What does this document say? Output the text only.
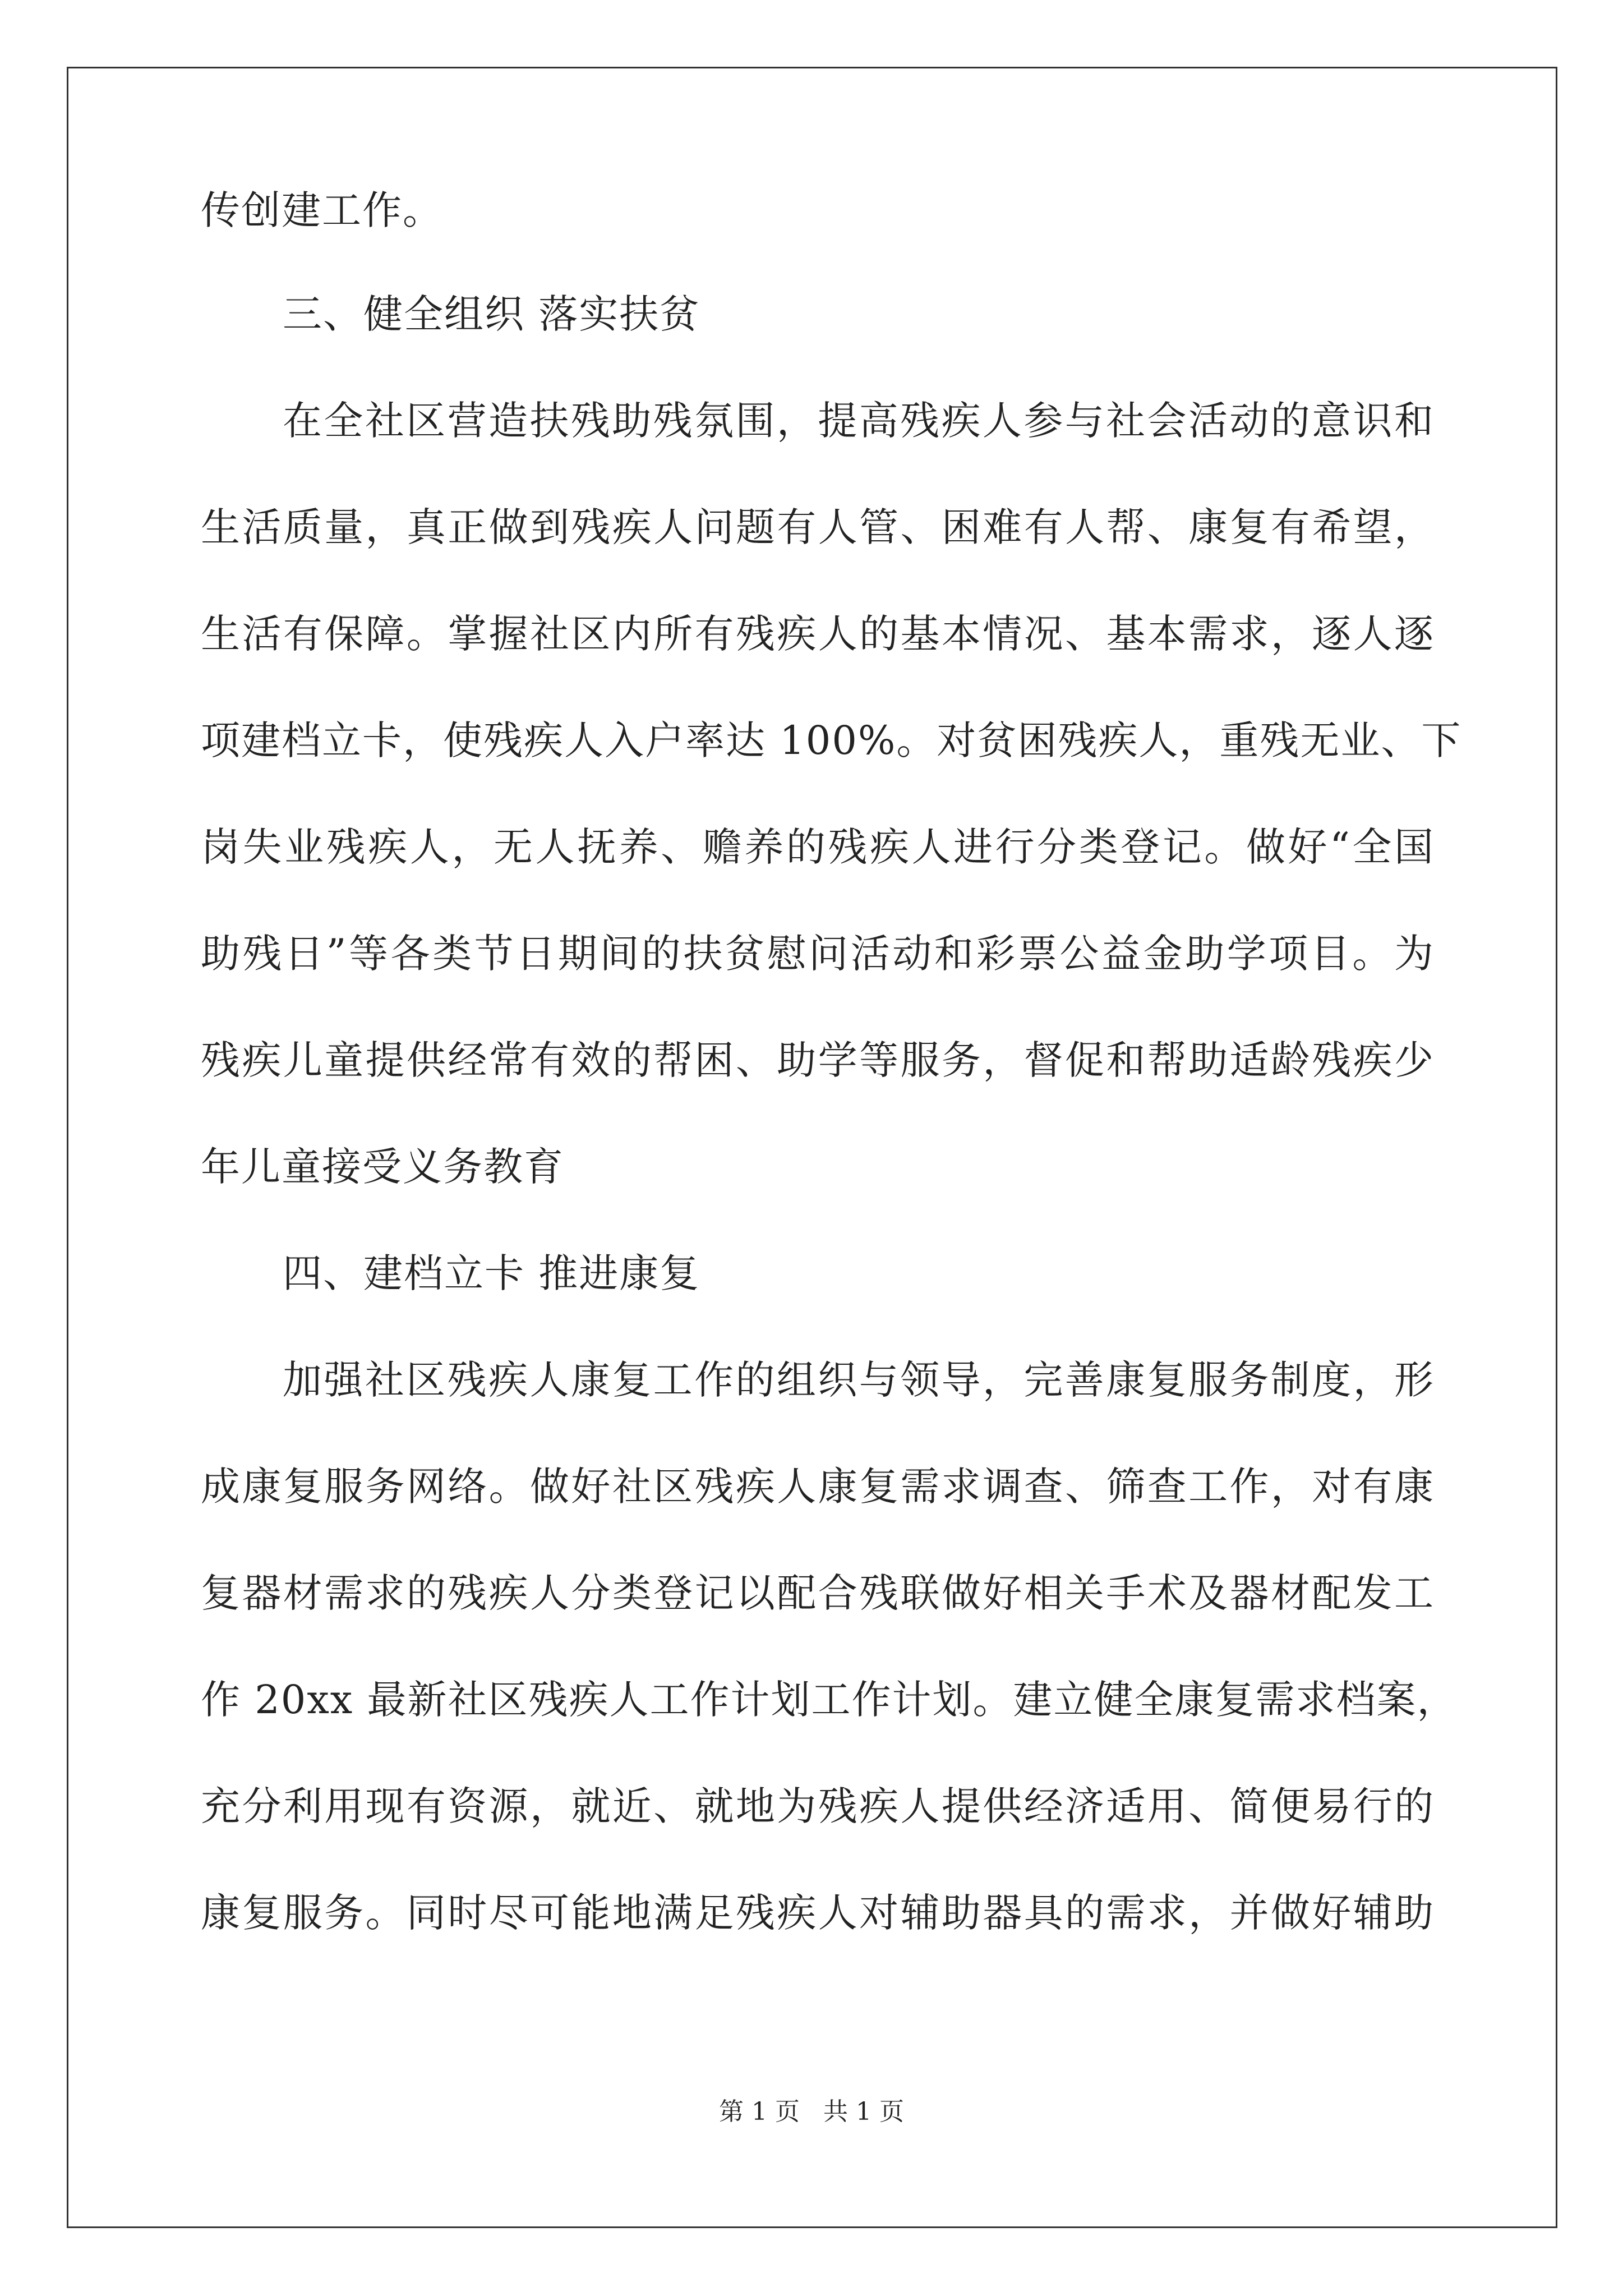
传创建工作。
三、健全组织 落实扶贫
在全社区营造扶残助残氛围，提高残疾人参与社会活动的意识和
生活质量，真正做到残疾人问题有人管、困难有人帮、康复有希望，
生活有保障。掌握社区内所有残疾人的基本情况、基本需求，逐人逐
项建档立卡，使残疾人入户率达 100%。对贫困残疾人，重残无业、下
岗失业残疾人，无人抚养、赡养的残疾人进行分类登记。做好“全国
助残日”等各类节日期间的扶贫慰问活动和彩票公益金助学项目。为
残疾儿童提供经常有效的帮困、助学等服务，督促和帮助适龄残疾少
年儿童接受义务教育
四、建档立卡 推进康复
加强社区残疾人康复工作的组织与领导，完善康复服务制度，形
成康复服务网络。做好社区残疾人康复需求调查、筛查工作，对有康
复器材需求的残疾人分类登记以配合残联做好相关手术及器材配发工
作 20xx 最新社区残疾人工作计划工作计划。建立健全康复需求档案，
充分利用现有资源，就近、就地为残疾人提供经济适用、简便易行的
康复服务。同时尽可能地满足残疾人对辅助器具的需求，并做好辅助
第 1 页   共 1 页
